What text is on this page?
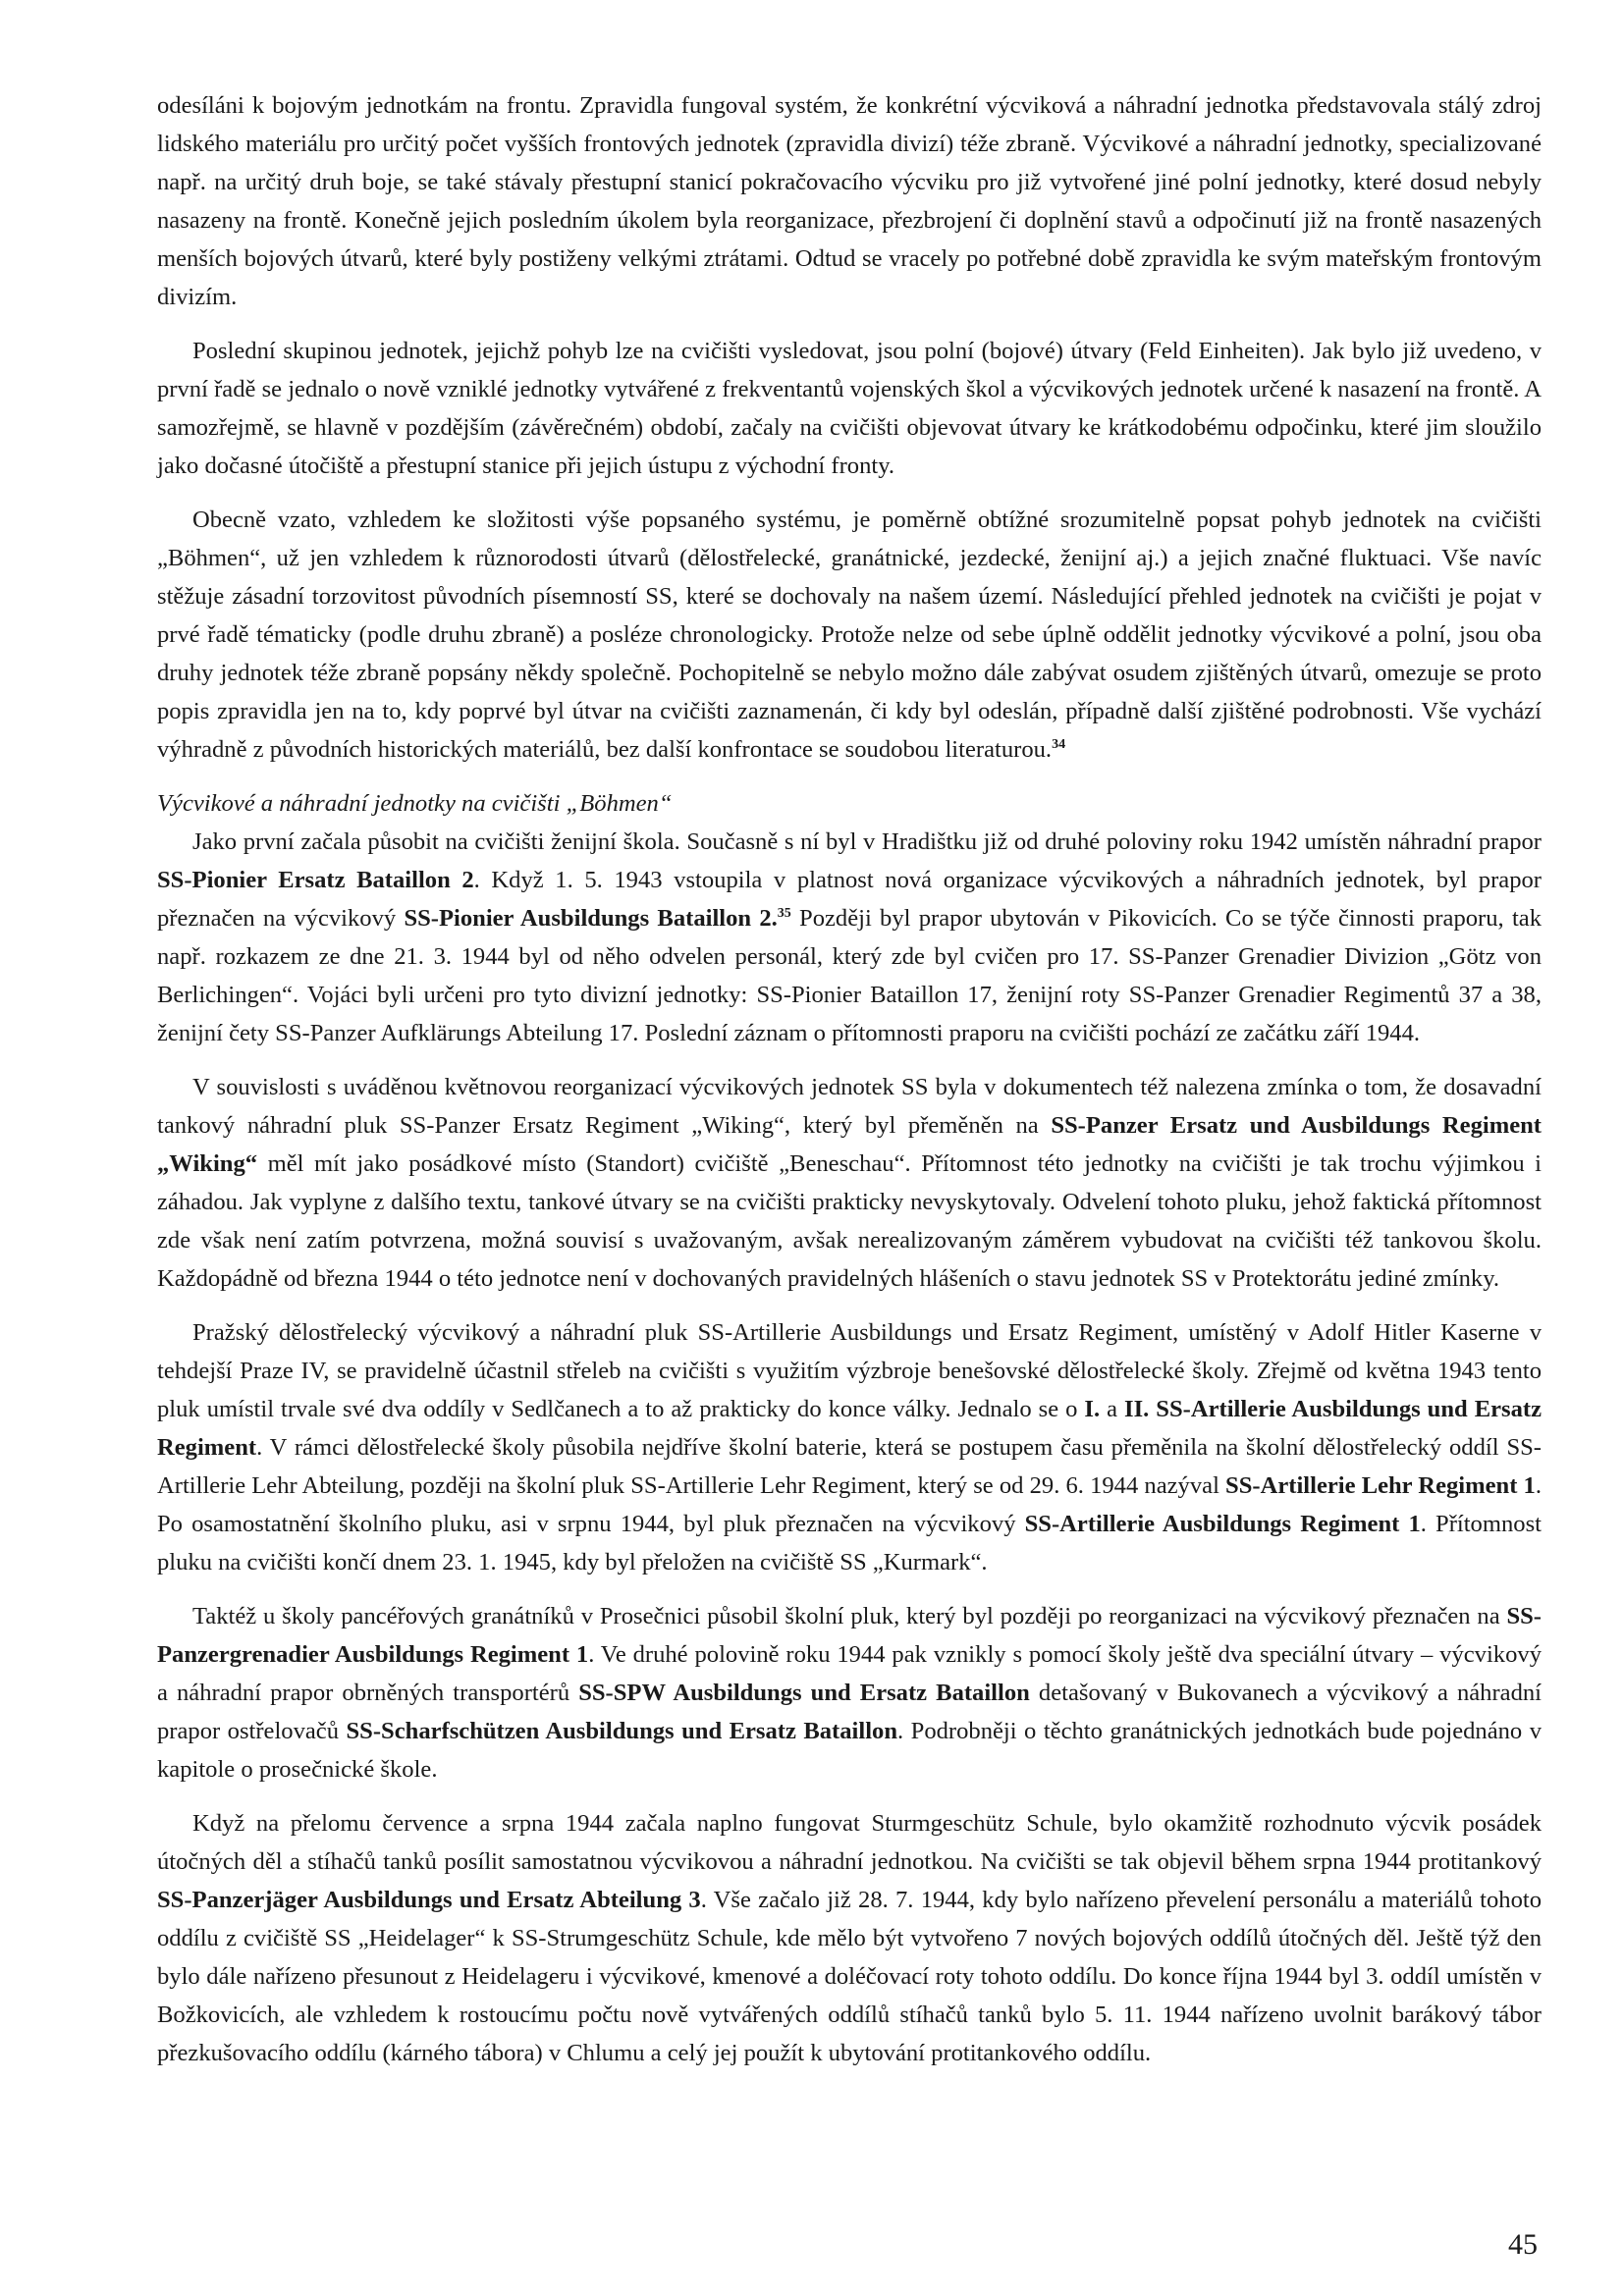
odesíláni k bojovým jednotkám na frontu. Zpravidla fungoval systém, že konkrétní výcviková a náhradní jednotka představovala stálý zdroj lidského materiálu pro určitý počet vyšších frontových jednotek (zpravidla divizí) téže zbraně. Výcvikové a náhradní jednotky, specializované např. na určitý druh boje, se také stávaly přestupní stanicí pokračovacího výcviku pro již vytvořené jiné polní jednotky, které dosud nebyly nasazeny na frontě. Konečně jejich posledním úkolem byla reorganizace, přezbrojení či doplnění stavů a odpočinutí již na frontě nasazených menších bojových útvarů, které byly postiženy velkými ztrátami. Odtud se vracely po potřebné době zpravidla ke svým mateřským frontovým divizím.

Poslední skupinou jednotek, jejichž pohyb lze na cvičišti vysledovat, jsou polní (bojové) útvary (Feld Einheiten). Jak bylo již uvedeno, v první řadě se jednalo o nově vzniklé jednotky vytvářené z frekventantů vojenských škol a výcvikových jednotek určené k nasazení na frontě. A samozřejmě, se hlavně v pozdějším (závěrečném) období, začaly na cvičišti objevovat útvary ke krátkodobému odpočinku, které jim sloužilo jako dočasné útočiště a přestupní stanice při jejich ústupu z východní fronty.

Obecně vzato, vzhledem ke složitosti výše popsaného systému, je poměrně obtížné srozumitelně popsat pohyb jednotek na cvičišti „Böhmen“, už jen vzhledem k různorodosti útvarů (dělostřelecké, granátnické, jezdecké, ženijní aj.) a jejich značné fluktuaci. Vše navíc stěžuje zásadní torzovitost původních písemností SS, které se dochovaly na našem území. Následující přehled jednotek na cvičišti je pojat v prvé řadě tématicky (podle druhu zbraně) a posléze chronologicky. Protože nelze od sebe úplně oddělit jednotky výcvikové a polní, jsou oba druhy jednotek téže zbraně popsány někdy společně. Pochopitelně se nebylo možno dále zabývat osudem zjištěných útvarů, omezuje se proto popis zpravidla jen na to, kdy poprvé byl útvar na cvičišti zaznamenán, či kdy byl odeslán, případně další zjištěné podrobnosti. Vše vychází výhradně z původních historických materiálů, bez další konfrontace se soudobou literaturou.$^{34}$

Výcvikové a náhradní jednotky na cvičišti „Böhmen“

Jako první začala působit na cvičišti ženijní škola. Současně s ní byl v Hradištku již od druhé poloviny roku 1942 umístěn náhradní prapor SS-Pionier Ersatz Bataillon 2. Když 1. 5. 1943 vstoupila v platnost nová organizace výcvikových a náhradních jednotek, byl prapor přeznačen na výcvikový SS-Pionier Ausbildungs Bataillon 2.35 Později byl prapor ubytován v Pikovicích. Co se týče činnosti praporu, tak např. rozkazem ze dne 21. 3. 1944 byl od něho odvelen personál, který zde byl cvičen pro 17. SS-Panzer Grenadier Divizion „Götz von Berlichingen“. Vojáci byli určeni pro tyto divizní jednotky: SS-Pionier Bataillon 17, ženijní roty SS-Panzer Grenadier Regimentů 37 a 38, ženijní čety SS-Panzer Aufklärungs Abteilung 17. Poslední záznam o přítomnosti praporu na cvičišti pochází ze začátku září 1944.

V souvislosti s uváděnou květnovou reorganizací výcvikových jednotek SS byla v dokumentech též nalezena zmínka o tom, že dosavadní tankový náhradní pluk SS-Panzer Ersatz Regiment „Wiking“, který byl přeměněn na SS-Panzer Ersatz und Ausbildungs Regiment „Wiking“ měl mít jako posádkové místo (Standort) cvičiště „Beneschau“. Přítomnost této jednotky na cvičišti je tak trochu výjimkou i záhadou. Jak vyplyne z dalšího textu, tankové útvary se na cvičišti prakticky nevyskytovaly. Odvelení tohoto pluku, jehož faktická přítomnost zde však není zatím potvrzena, možná souvisí s uvažovaným, avšak nerealizovaným záměrem vybudovat na cvičišti též tankovou školu. Každopádně od března 1944 o této jednotce není v dochovaných pravidelných hlášeních o stavu jednotek SS v Protektorátu jediné zmínky.

Pražský dělostřelecký výcvikový a náhradní pluk SS-Artillerie Ausbildungs und Ersatz Regiment, umístěný v Adolf Hitler Kaserne v tehdejší Praze IV, se pravidelně účastnil střeleb na cvičišti s využitím výzbroje benešovské dělostřelecké školy. Zřejmě od května 1943 tento pluk umístil trvale své dva oddíly v Sedlčanech a to až prakticky do konce války. Jednalo se o I. a II. SS-Artillerie Ausbildungs und Ersatz Regiment. V rámci dělostřelecké školy působila nejdříve školní baterie, která se postupem času přeměnila na školní dělostřelecký oddíl SS-Artillerie Lehr Abteilung, později na školní pluk SS-Artillerie Lehr Regiment, který se od 29. 6. 1944 nazýval SS-Artillerie Lehr Regiment 1. Po osamostatnění školního pluku, asi v srpnu 1944, byl pluk přeznačen na výcvikový SS-Artillerie Ausbildungs Regiment 1. Přítomnost pluku na cvičišti končí dnem 23. 1. 1945, kdy byl přeložen na cvičiště SS „Kurmark“.

Taktéž u školy pancéřových granátníků v Prosečnici působil školní pluk, který byl později po reorganizaci na výcvikový přeznačen na SS-Panzergrenadier Ausbildungs Regiment 1. Ve druhé polovině roku 1944 pak vznikly s pomocí školy ještě dva speciální útvary – výcvikový a náhradní prapor obrněných transportérů SS-SPW Ausbildungs und Ersatz Bataillon detašovaný v Bukovanech a výcvikový a náhradní prapor ostřelovačů SS-Scharfschützen Ausbildungs und Ersatz Bataillon. Podrobněji o těchto granátnických jednotkách bude pojednáno v kapitole o prosečnické škole.

Když na přelomu července a srpna 1944 začala naplno fungovat Sturmgeschütz Schule, bylo okamžitě rozhodnuto výcvik posádek útočných děl a stíhačů tanků posílit samostatnou výcvikovou a náhradní jednotkou. Na cvičišti se tak objevil během srpna 1944 protitankový SS-Panzerjäger Ausbildungs und Ersatz Abteilung 3. Vše začalo již 28. 7. 1944, kdy bylo nařízeno převelení personálu a materiálů tohoto oddílu z cvičiště SS „Heidelager“ k SS-Strumgeschütz Schule, kde mělo být vytvořeno 7 nových bojových oddílů útočných děl. Ještě týž den bylo dále nařízeno přesunout z Heidelageru i výcvikové, kmenové a doléčovací roty tohoto oddílu. Do konce října 1944 byl 3. oddíl umístěn v Božkovicích, ale vzhledem k rostoucímu počtu nově vytvářených oddílů stíhačů tanků bylo 5. 11. 1944 nařízeno uvolnit barákový tábor přezkušovacího oddílu (kárného tábora) v Chlumu a celý jej použít k ubytování protitankového oddílu.

45
